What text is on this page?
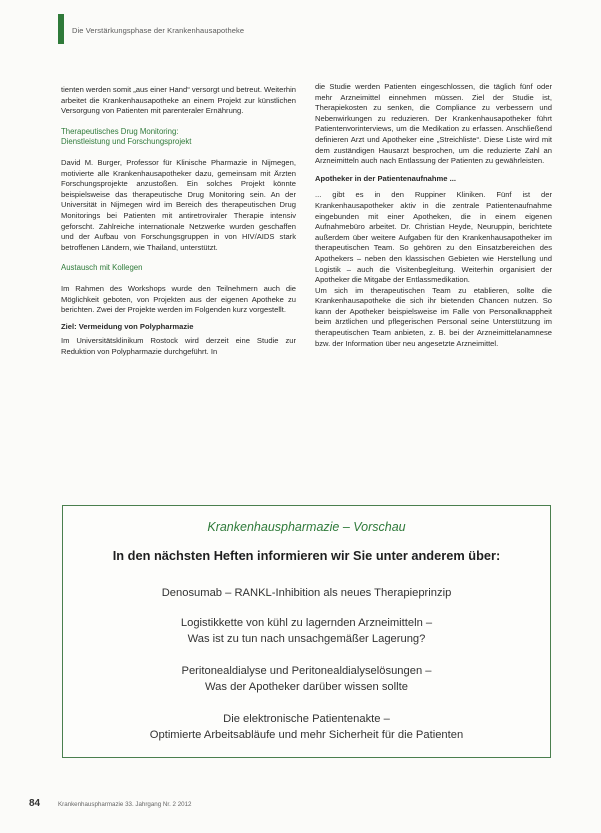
Die Verstärkungsphase der Krankenhausapotheke

tienten werden somit „aus einer Hand“ versorgt und betreut. Weiterhin arbeitet die Krankenhausapotheke an einem Projekt zur künstlichen Versorgung von Patienten mit parenteraler Ernährung.

Therapeutisches Drug Monitoring:

Dienstleistung und Forschungsprojekt

David M. Burger, Professor für Klinische Pharmazie in Nijmegen, motivierte alle Krankenhausapotheker dazu, gemeinsam mit Ärzten Forschungsprojekte anzustoßen. Ein solches Projekt könnte beispielsweise das therapeutische Drug Monitoring sein. An der Universität in Nijmegen wird im Bereich des therapeutischen Drug Monitorings bei Patienten mit antiretroviraler Therapie intensiv geforscht. Zahlreiche internationale Netzwerke wurden geschaffen und der Aufbau von Forschungsgruppen in von HIV/AIDS stark betroffenen Ländern, wie Thailand, unterstützt.

Austausch mit Kollegen

Im Rahmen des Workshops wurde den Teilnehmern auch die Möglichkeit geboten, von Projekten aus der eigenen Apotheke zu berichten. Zwei der Projekte werden im Folgenden kurz vorgestellt.

Ziel: Vermeidung von Polypharmazie

Im Universitätsklinikum Rostock wird derzeit eine Studie zur Reduktion von Polypharmazie durchgeführt. In

die Studie werden Patienten eingeschlossen, die täglich fünf oder mehr Arzneimittel einnehmen müssen. Ziel der Studie ist, Therapiekosten zu senken, die Compliance zu verbessern und Nebenwirkungen zu reduzieren. Der Krankenhausapotheker führt Patientenvorinterviews, um die Medikation zu erfassen. Anschließend definieren Arzt und Apotheker eine „Streichliste“. Diese Liste wird mit dem zuständigen Hausarzt besprochen, um die reduzierte Zahl an Arzneimitteln auch nach Entlassung der Patienten zu gewährleisten.

Apotheker in der Patientenaufnahme ...

... gibt es in den Ruppiner Kliniken. Fünf ist der Krankenhausapotheker aktiv in die zentrale Patientenaufnahme eingebunden mit einer Apotheken, die in einem eigenen Aufnahmebüro arbeitet. Dr. Christian Heyde, Neuruppin, berichtete außerdem über weitere Aufgaben für den Krankenhausapotheker im therapeutischen Team. So gehören zu den Einsatzbereichen des Apothekers – neben den klassischen Gebieten wie Herstellung und Logistik – auch die Visitenbegleitung. Weiterhin organisiert der Apotheker die Mitgabe der Entlassmedikation.

Um sich im therapeutischen Team zu etablieren, sollte die Krankenhausapotheke die sich ihr bietenden Chancen nutzen. So kann der Apotheker beispielsweise im Falle von Personalknappheit beim ärztlichen und pflegerischen Personal seine Unterstützung im therapeutischen Team anbieten, z. B. bei der Arzneimittelanamnese bzw. der Information über neu angesetzte Arzneimittel.

Krankenhauspharmazie – Vorschau
In den nächsten Heften informieren wir Sie unter anderem über:
Denosumab – RANKL-Inhibition als neues Therapieprinzip
Logistikkette von kühl zu lagernden Arzneimitteln –
Was ist zu tun nach unsachgemäßer Lagerung?
Peritonealdialyse und Peritonealdialyselösungen –
Was der Apotheker darüber wissen sollte
Die elektronische Patientenakte –
Optimierte Arbeitsabläufe und mehr Sicherheit für die Patienten
84	Krankenhauspharmazie 33. Jahrgang Nr. 2 2012
